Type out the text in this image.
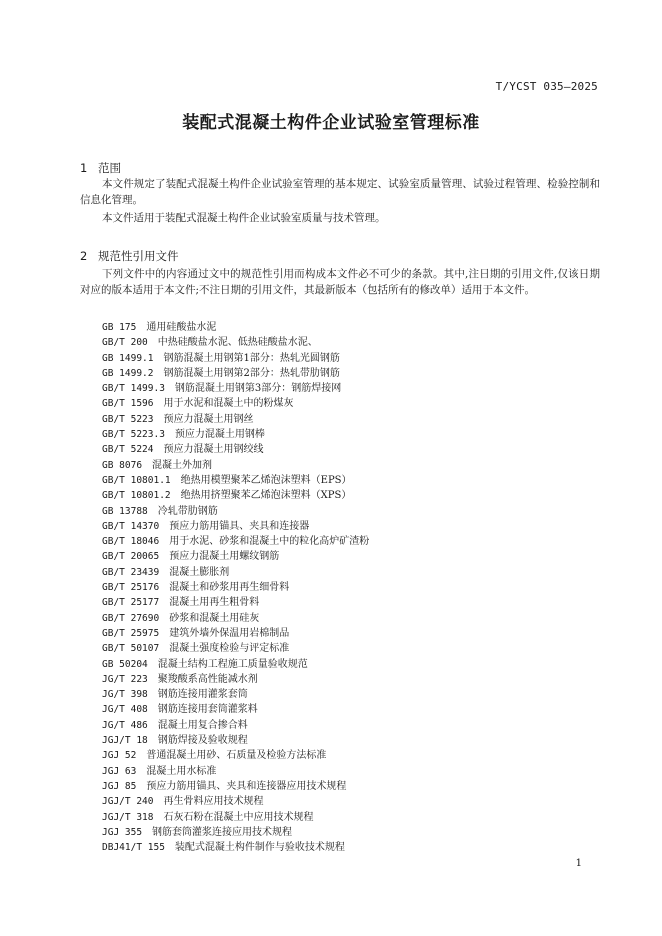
T/YCST 035—2025
装配式混凝土构件企业试验室管理标准
1 范围

本文件规定了装配式混凝土构件企业试验室管理的基本规定、试验室质量管理、试验过程管理、检验控制和信息化管理。

本文件适用于装配式混凝土构件企业试验室质量与技术管理。

2 规范性引用文件

下列文件中的内容通过文中的规范性引用而构成本文件必不可少的条款。其中,注日期的引用文件,仅该日期对应的版本适用于本文件;不注日期的引用文件，其最新版本（包括所有的修改单）适用于本文件。

GB 175  通用硅酸盐水泥
GB/T 200  中热硅酸盐水泥、低热硅酸盐水泥、
GB 1499.1  钢筋混凝土用钢第1部分：热轧光圆钢筋
GB 1499.2  钢筋混凝土用钢第2部分：热轧带肋钢筋
GB/T 1499.3  钢筋混凝土用钢第3部分：钢筋焊接网
GB/T 1596  用于水泥和混凝土中的粉煤灰
GB/T 5223  预应力混凝土用钢丝
GB/T 5223.3  预应力混凝土用钢棒
GB/T 5224  预应力混凝土用钢绞线
GB 8076  混凝土外加剂
GB/T 10801.1  绝热用模塑聚苯乙烯泡沫塑料（EPS）
GB/T 10801.2  绝热用挤塑聚苯乙烯泡沫塑料（XPS）
GB 13788  冷轧带肋钢筋
GB/T 14370  预应力筋用锚具、夹具和连接器
GB/T 18046  用于水泥、砂浆和混凝土中的粒化高炉矿渣粉
GB/T 20065  预应力混凝土用螺纹钢筋
GB/T 23439  混凝土膨胀剂
GB/T 25176  混凝土和砂浆用再生细骨料
GB/T 25177  混凝土用再生粗骨料
GB/T 27690  砂浆和混凝土用硅灰
GB/T 25975  建筑外墙外保温用岩棉制品
GB/T 50107  混凝土强度检验与评定标准
GB 50204  混凝土结构工程施工质量验收规范
JG/T 223  聚羧酸系高性能减水剂
JG/T 398  钢筋连接用灌浆套筒
JG/T 408  钢筋连接用套筒灌浆料
JG/T 486  混凝土用复合掺合料
JGJ/T 18  钢筋焊接及验收规程
JGJ 52  普通混凝土用砂、石质量及检验方法标准
JGJ 63  混凝土用水标准
JGJ 85  预应力筋用锚具、夹具和连接器应用技术规程
JGJ/T 240  再生骨料应用技术规程
JGJ/T 318  石灰石粉在混凝土中应用技术规程
JGJ 355  钢筋套筒灌浆连接应用技术规程
DBJ41/T 155  装配式混凝土构件制作与验收技术规程
1
